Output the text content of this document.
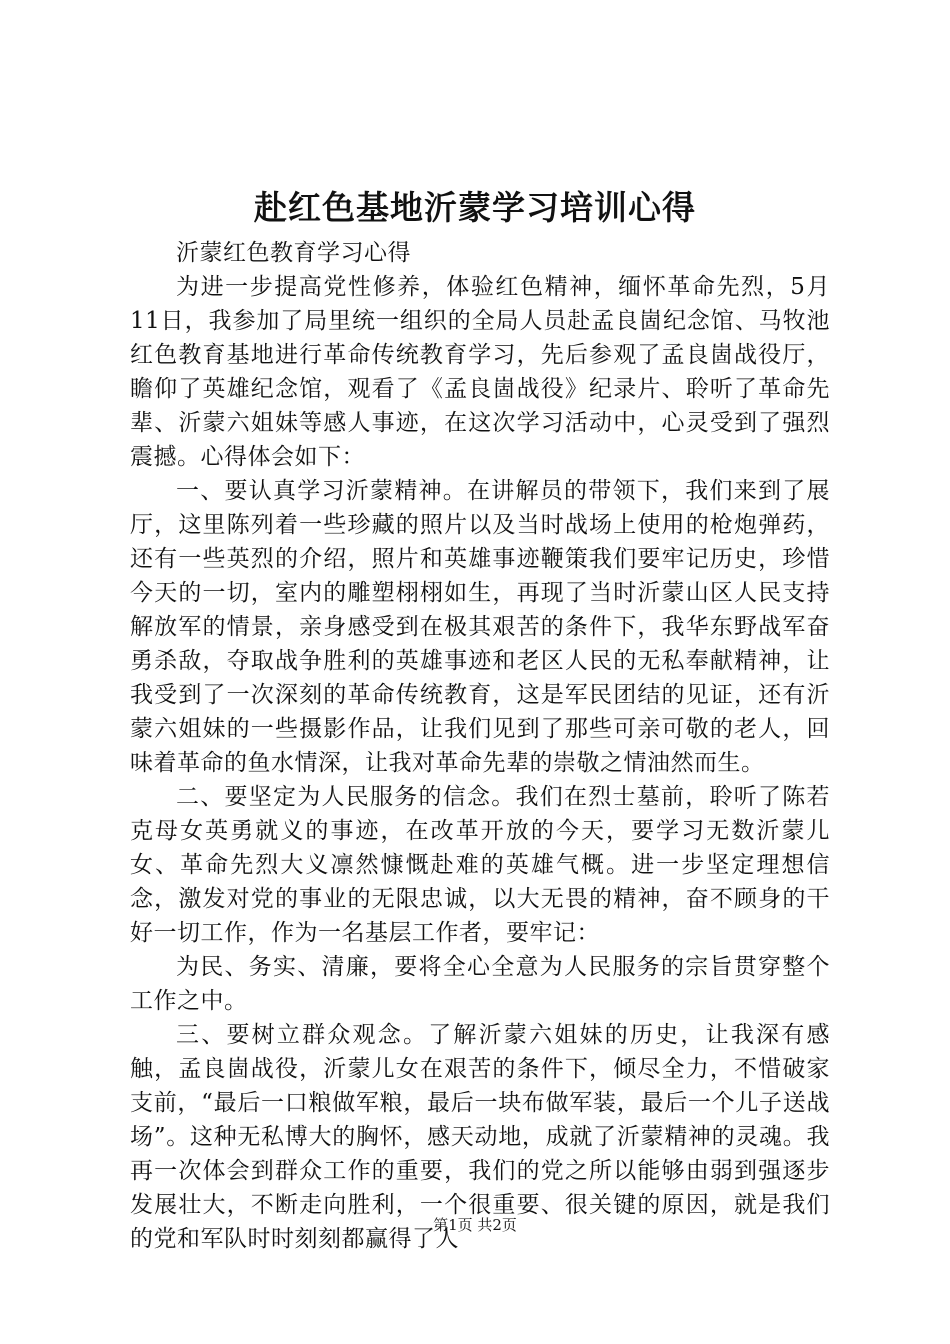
赴红色基地沂蒙学习培训心得

沂蒙红色教育学习心得

为进一步提高党性修养，体验红色精神，缅怀革命先烈，5月11日，我参加了局里统一组织的全局人员赴孟良崮纪念馆、马牧池红色教育基地进行革命传统教育学习，先后参观了孟良崮战役厅，瞻仰了英雄纪念馆，观看了《孟良崮战役》纪录片、聆听了革命先辈、沂蒙六姐妹等感人事迹，在这次学习活动中，心灵受到了强烈震撼。心得体会如下：

一、要认真学习沂蒙精神。在讲解员的带领下，我们来到了展厅，这里陈列着一些珍藏的照片以及当时战场上使用的枪炮弹药，还有一些英烈的介绍，照片和英雄事迹鞭策我们要牢记历史，珍惜今天的一切，室内的雕塑栩栩如生，再现了当时沂蒙山区人民支持解放军的情景，亲身感受到在极其艰苦的条件下，我华东野战军奋勇杀敌，夺取战争胜利的英雄事迹和老区人民的无私奉献精神，让我受到了一次深刻的革命传统教育，这是军民团结的见证，还有沂蒙六姐妹的一些摄影作品，让我们见到了那些可亲可敬的老人，回味着革命的鱼水情深，让我对革命先辈的崇敬之情油然而生。

二、要坚定为人民服务的信念。我们在烈士墓前，聆听了陈若克母女英勇就义的事迹，在改革开放的今天，要学习无数沂蒙儿女、革命先烈大义凛然慷慨赴难的英雄气概。进一步坚定理想信念，激发对党的事业的无限忠诚，以大无畏的精神，奋不顾身的干好一切工作，作为一名基层工作者，要牢记：

为民、务实、清廉，要将全心全意为人民服务的宗旨贯穿整个工作之中。

三、要树立群众观念。了解沂蒙六姐妹的历史，让我深有感触，孟良崮战役，沂蒙儿女在艰苦的条件下，倾尽全力，不惜破家支前，“最后一口粮做军粮，最后一块布做军装，最后一个儿子送战场”。这种无私博大的胸怀，感天动地，成就了沂蒙精神的灵魂。我再一次体会到群众工作的重要，我们的党之所以能够由弱到强逐步发展壮大，不断走向胜利，一个很重要、很关键的原因，就是我们的党和军队时时刻刻都赢得了人

第1页 共2页
